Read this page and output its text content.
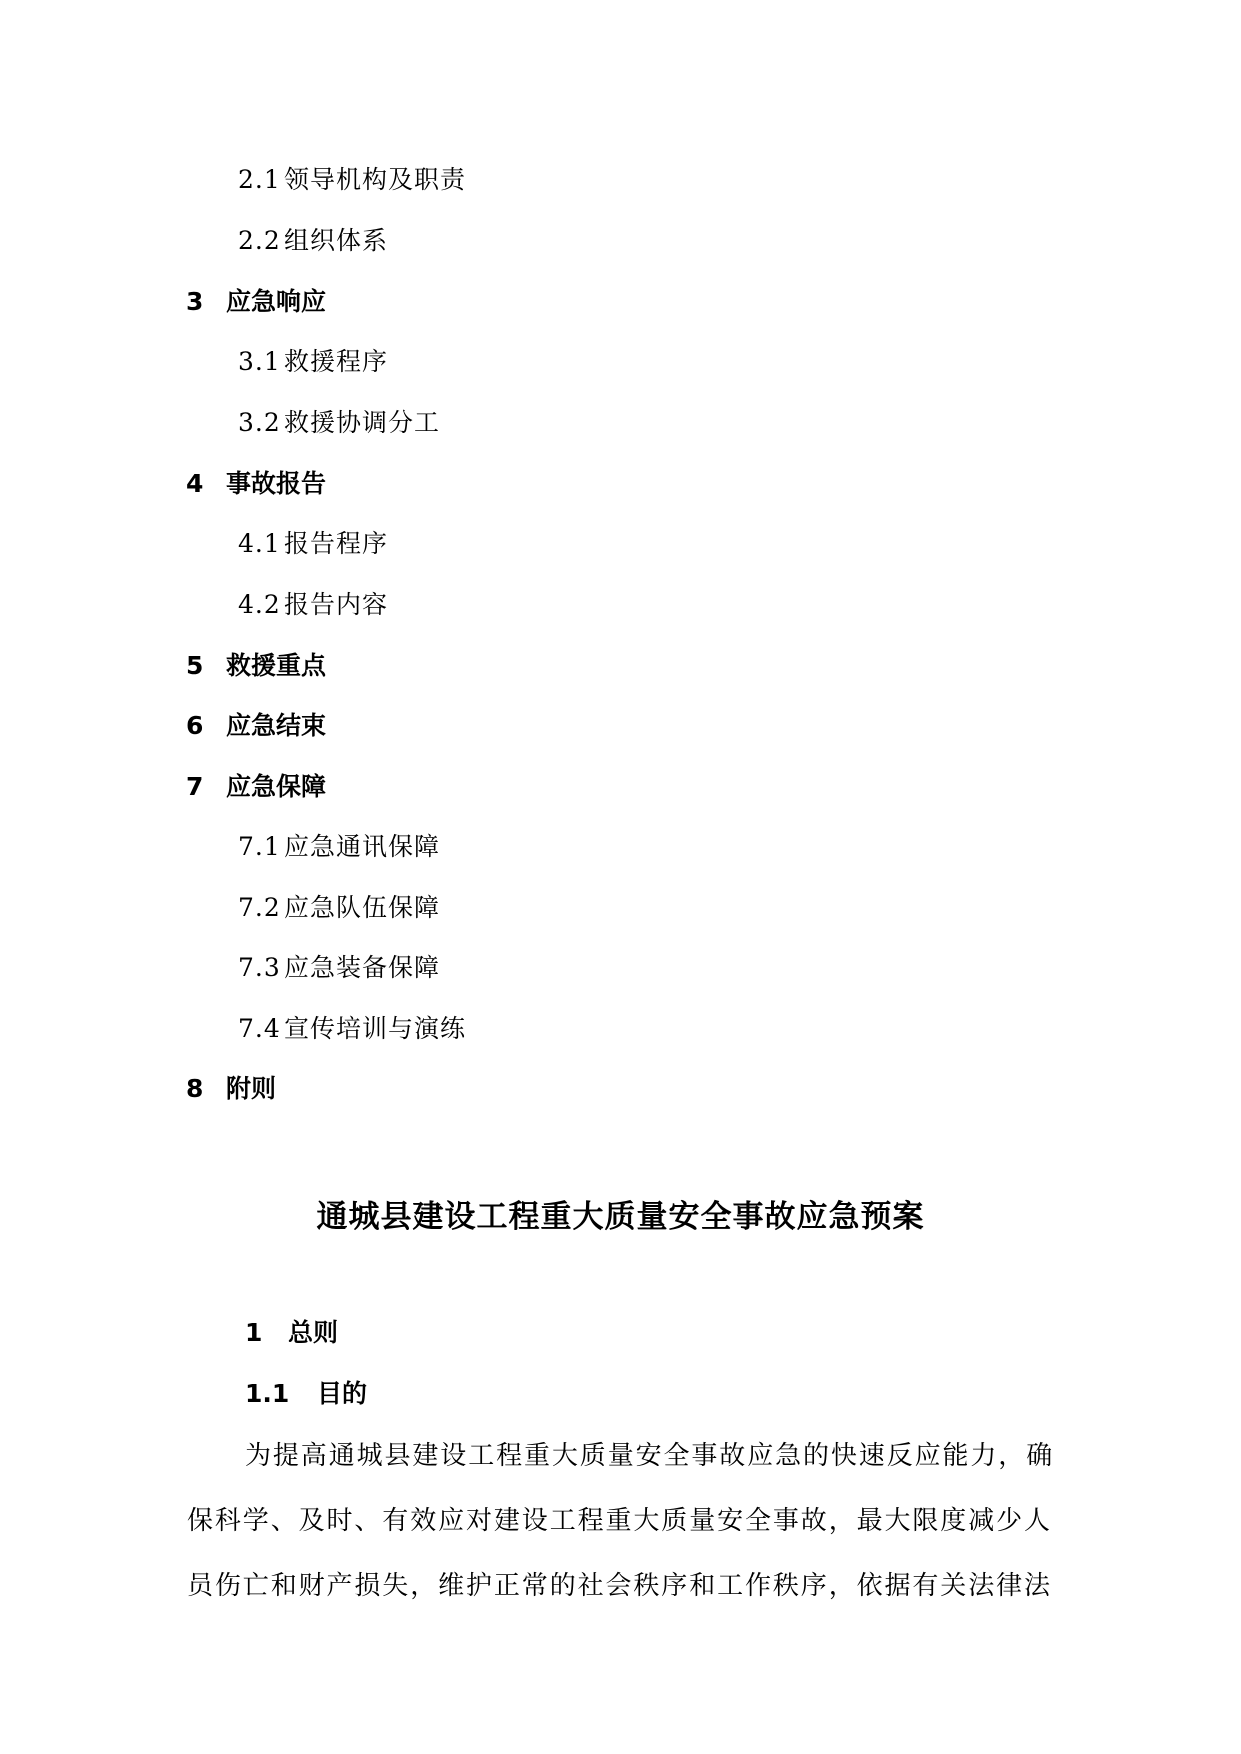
2.1 领导机构及职责
2.2 组织体系
3 应急响应
3.1 救援程序
3.2 救援协调分工
4 事故报告
4.1 报告程序
4.2 报告内容
5 救援重点
6 应急结束
7 应急保障
7.1 应急通讯保障
7.2 应急队伍保障
7.3 应急装备保障
7.4 宣传培训与演练
8 附则
通城县建设工程重大质量安全事故应急预案
1 总则
1.1 目的
为提高通城县建设工程重大质量安全事故应急的快速反应能力，确
保科学、及时、有效应对建设工程重大质量安全事故，最大限度减少人
员伤亡和财产损失，维护正常的社会秩序和工作秩序，依据有关法律法
